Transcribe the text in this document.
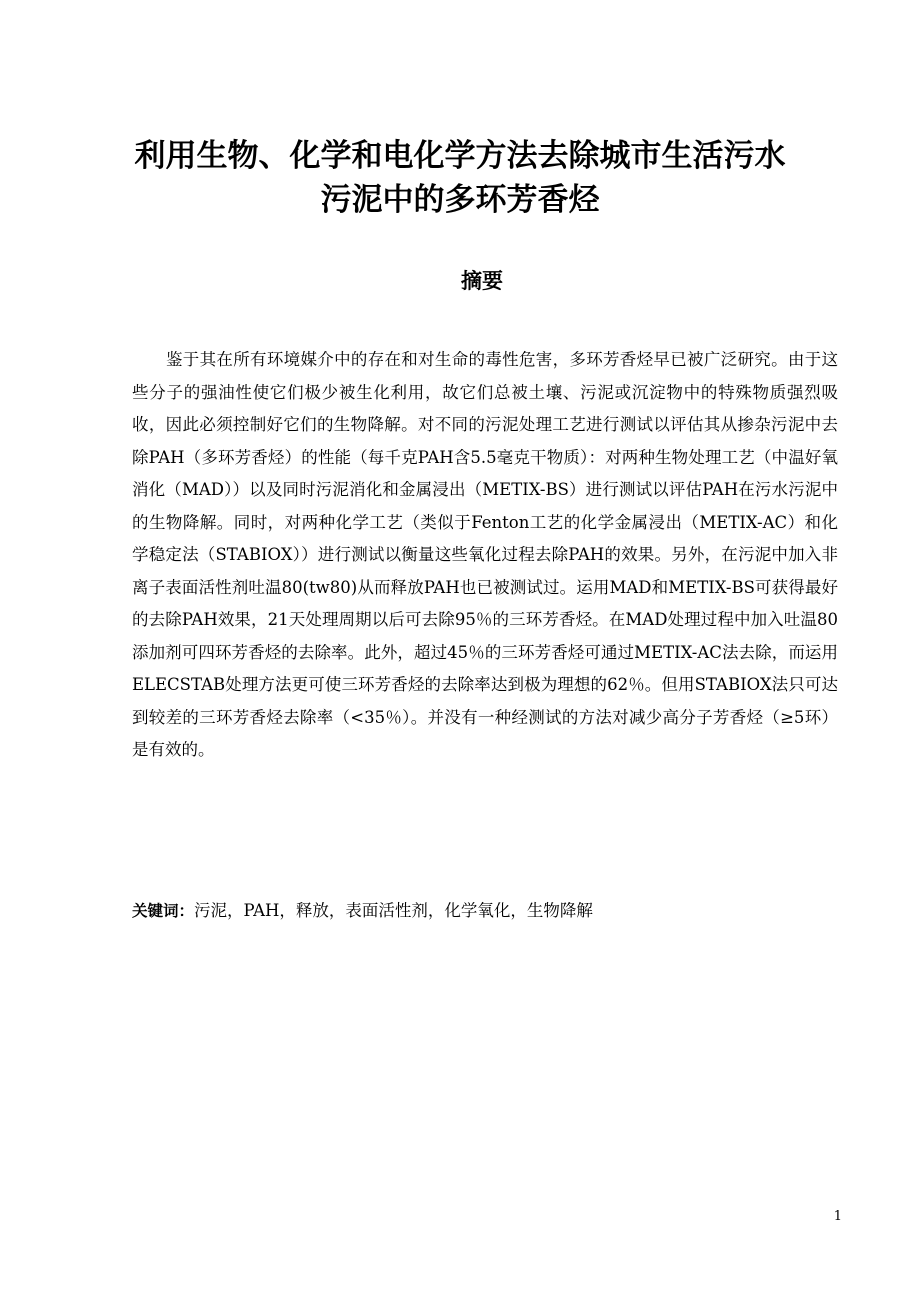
利用生物、化学和电化学方法去除城市生活污水
污泥中的多环芳香烃
摘要

鉴于其在所有环境媒介中的存在和对生命的毒性危害，多环芳香烃早已被广泛研究。由于这些分子的强油性使它们极少被生化利用，故它们总被土壤、污泥或沉淀物中的特殊物质强烈吸收，因此必须控制好它们的生物降解。对不同的污泥处理工艺进行测试以评估其从掺杂污泥中去除PAH（多环芳香烃）的性能（每千克PAH含5.5毫克干物质）：对两种生物处理工艺（中温好氧消化（MAD））以及同时污泥消化和金属浸出（METIX-BS）进行测试以评估PAH在污水污泥中的生物降解。同时，对两种化学工艺（类似于Fenton工艺的化学金属浸出（METIX-AC）和化学稳定法（STABIOX））进行测试以衡量这些氧化过程去除PAH的效果。另外，在污泥中加入非离子表面活性剂吐温80(tw80)从而释放PAH也已被测试过。运用MAD和METIX-BS可获得最好的去除PAH效果，21天处理周期以后可去除95％的三环芳香烃。在MAD处理过程中加入吐温80添加剂可四环芳香烃的去除率。此外，超过45％的三环芳香烃可通过METIX-AC法去除，而运用ELECSTAB处理方法更可使三环芳香烃的去除率达到极为理想的62％。但用STABIOX法只可达到较差的三环芳香烃去除率（<35％）。并没有一种经测试的方法对减少高分子芳香烃（≥5环）是有效的。

关键词：污泥，PAH，释放，表面活性剂，化学氧化，生物降解

1
